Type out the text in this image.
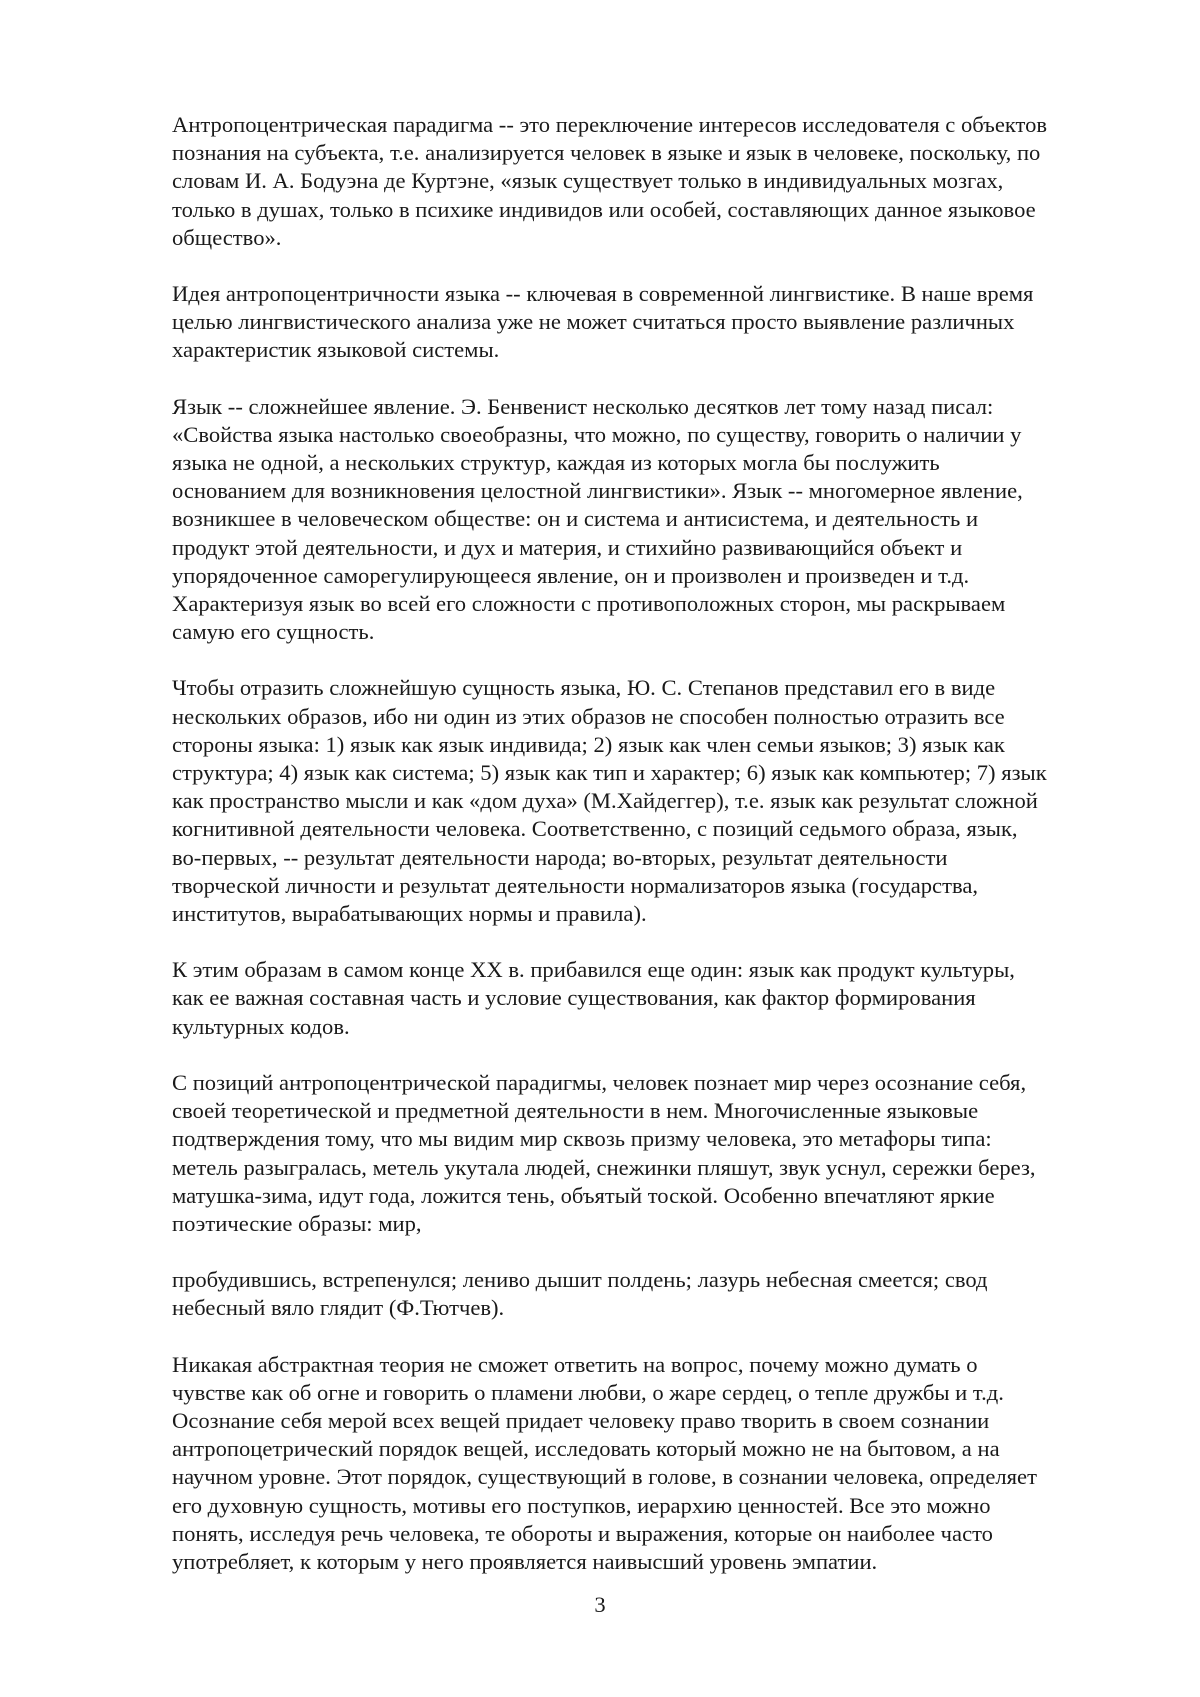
Антропоцентрическая парадигма -- это переключение интересов исследователя с объектов
познания на субъекта, т.е. анализируется человек в языке и язык в человеке, поскольку, по
словам И. А. Бодуэна де Куртэне, «язык существует только в индивидуальных мозгах,
только в душах, только в психике индивидов или особей, составляющих данное языковое
общество».

Идея антропоцентричности языка -- ключевая в современной лингвистике. В наше время
целью лингвистического анализа уже не может считаться просто выявление различных
характеристик языковой системы.

Язык -- сложнейшее явление. Э. Бенвенист несколько десятков лет тому назад писал:
«Свойства языка настолько своеобразны, что можно, по существу, говорить о наличии у
языка не одной, а нескольких структур, каждая из которых могла бы послужить
основанием для возникновения целостной лингвистики». Язык -- многомерное явление,
возникшее в человеческом обществе: он и система и антисистема, и деятельность и
продукт этой деятельности, и дух и материя, и стихийно развивающийся объект и
упорядоченное саморегулирующееся явление, он и произволен и произведен и т.д.
Характеризуя язык во всей его сложности с противоположных сторон, мы раскрываем
самую его сущность.

Чтобы отразить сложнейшую сущность языка, Ю. С. Степанов представил его в виде
нескольких образов, ибо ни один из этих образов не способен полностью отразить все
стороны языка: 1) язык как язык индивида; 2) язык как член семьи языков; 3) язык как
структура; 4) язык как система; 5) язык как тип и характер; 6) язык как компьютер; 7) язык
как пространство мысли и как «дом духа» (М.Хайдеггер), т.е. язык как результат сложной
когнитивной деятельности человека. Соответственно, с позиций седьмого образа, язык,
во-первых, -- результат деятельности народа; во-вторых, результат деятельности
творческой личности и результат деятельности нормализаторов языка (государства,
институтов, вырабатывающих нормы и правила).

К этим образам в самом конце XX в. прибавился еще один: язык как продукт культуры,
как ее важная составная часть и условие существования, как фактор формирования
культурных кодов.

С позиций антропоцентрической парадигмы, человек познает мир через осознание себя,
своей теоретической и предметной деятельности в нем. Многочисленные языковые
подтверждения тому, что мы видим мир сквозь призму человека, это метафоры типа:
метель разыгралась, метель укутала людей, снежинки пляшут, звук уснул, сережки берез,
матушка-зима, идут года, ложится тень, объятый тоской. Особенно впечатляют яркие
поэтические образы: мир,

пробудившись, встрепенулся; лениво дышит полдень; лазурь небесная смеется; свод
небесный вяло глядит (Ф.Тютчев).

Никакая абстрактная теория не сможет ответить на вопрос, почему можно думать о
чувстве как об огне и говорить о пламени любви, о жаре сердец, о тепле дружбы и т.д.
Осознание себя мерой всех вещей придает человеку право творить в своем сознании
антропоцетрический порядок вещей, исследовать который можно не на бытовом, а на
научном уровне. Этот порядок, существующий в голове, в сознании человека, определяет
его духовную сущность, мотивы его поступков, иерархию ценностей. Все это можно
понять, исследуя речь человека, те обороты и выражения, которые он наиболее часто
употребляет, к которым у него проявляется наивысший уровень эмпатии.

3
